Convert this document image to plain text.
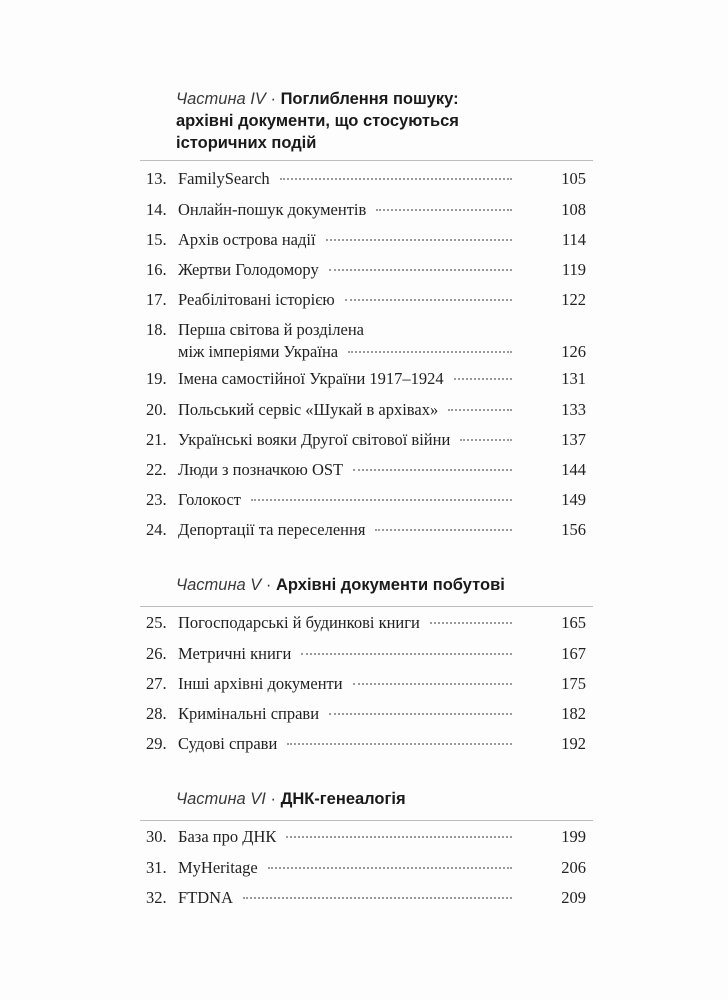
Частина IV · Поглиблення пошуку:
архівні документи, що стосуються
історичних подій
13. FamilySearch	105
14. Онлайн-пошук документів	108
15. Архів острова надії	114
16. Жертви Голодомору	119
17. Реабілітовані історією	122
18. Перша світова й розділена
між імперіями Україна	126
19. Імена самостійної України 1917–1924	131
20. Польський сервіс «Шукай в архівах»	133
21. Українські вояки Другої світової війни	137
22. Люди з позначкою OST	144
23. Голокост	149
24. Депортації та переселення	156
Частина V · Архівні документи побутові
25. Погосподарські й будинкові книги	165
26. Метричні книги	167
27. Інші архівні документи	175
28. Кримінальні справи	182
29. Судові справи	192
Частина VI · ДНК-генеалогія
30. База про ДНК	199
31. MyHeritage	206
32. FTDNA	209
